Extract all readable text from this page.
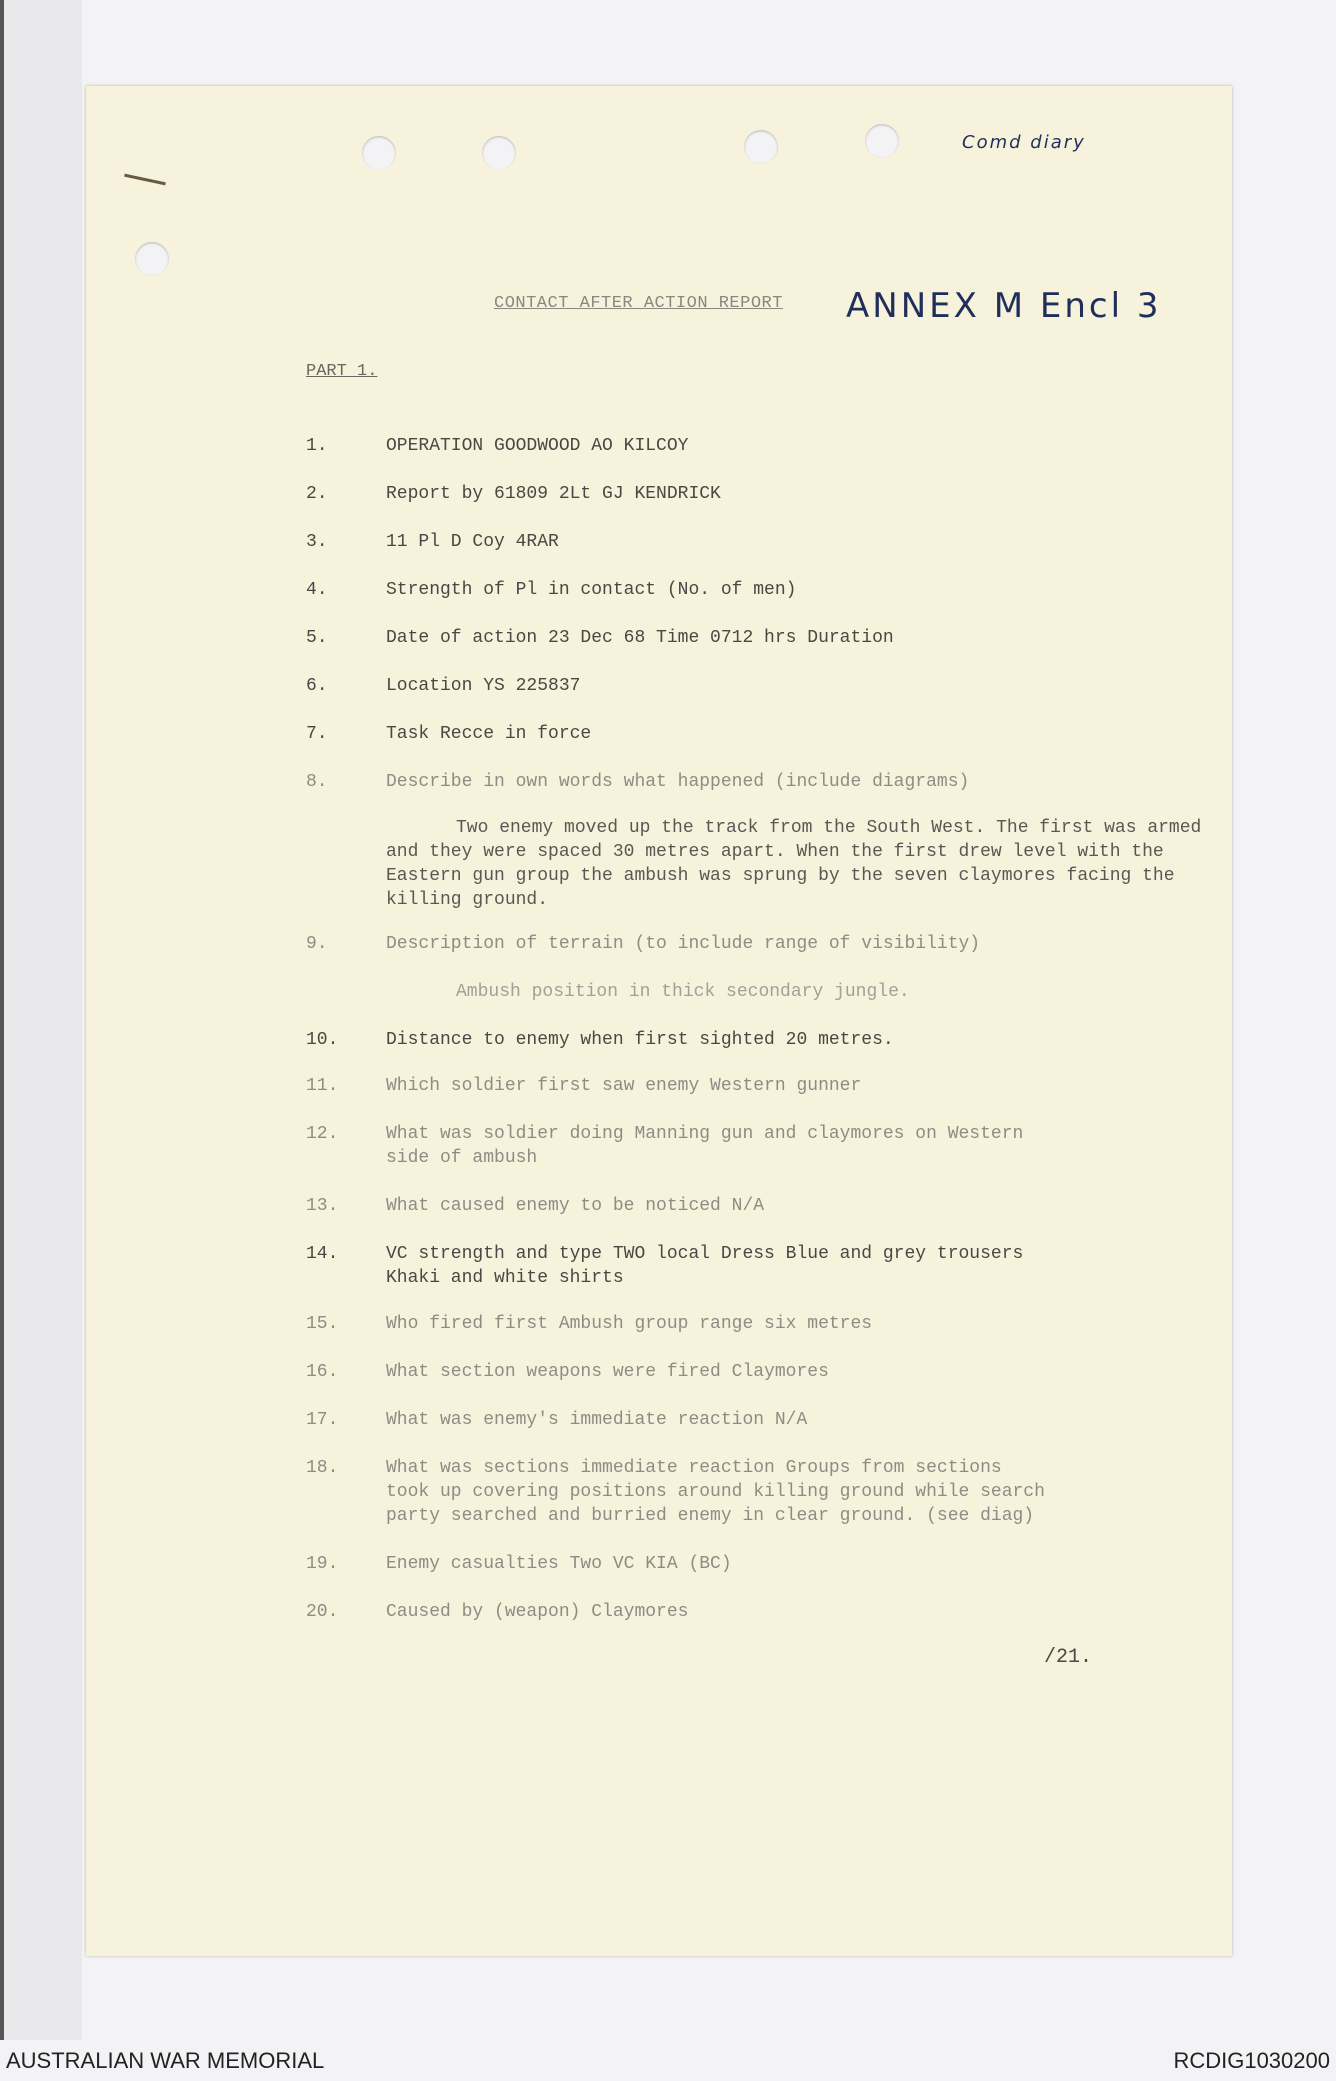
Comd diary
ANNEX M Encl 3
CONTACT AFTER ACTION REPORT
PART 1.
1.	OPERATION GOODWOOD AO KILCOY
2.	Report by 61809 2Lt GJ KENDRICK
3.	11 Pl D Coy 4RAR
4.	Strength of Pl in contact (No. of men)
5.	Date of action 23 Dec 68 Time 0712 hrs Duration
6.	Location YS 225837
7.	Task Recce in force
8.	Describe in own words what happened (include diagrams)
Two enemy moved up the track from the South West. The first was armed and they were spaced 30 metres apart. When the first drew level with the Eastern gun group the ambush was sprung by the seven claymores facing the killing ground.
9.	Description of terrain (to include range of visibility)
Ambush position in thick secondary jungle.
10.	Distance to enemy when first sighted 20 metres.
11.	Which soldier first saw enemy Western gunner
12.	What was soldier doing Manning gun and claymores on Western
side of ambush
13.	What caused enemy to be noticed N/A
14.	VC strength and type TWO local Dress Blue and grey trousers
Khaki and white shirts
15.	Who fired first Ambush group range six metres
16.	What section weapons were fired Claymores
17.	What was enemy's immediate reaction N/A
18.	What was sections immediate reaction Groups from sections
took up covering positions around killing ground while search
party searched and burried enemy in clear ground. (see diag)
19.	Enemy casualties Two VC KIA (BC)
20.	Caused by (weapon) Claymores
/21.
AUSTRALIAN WAR MEMORIAL	RCDIG1030200
